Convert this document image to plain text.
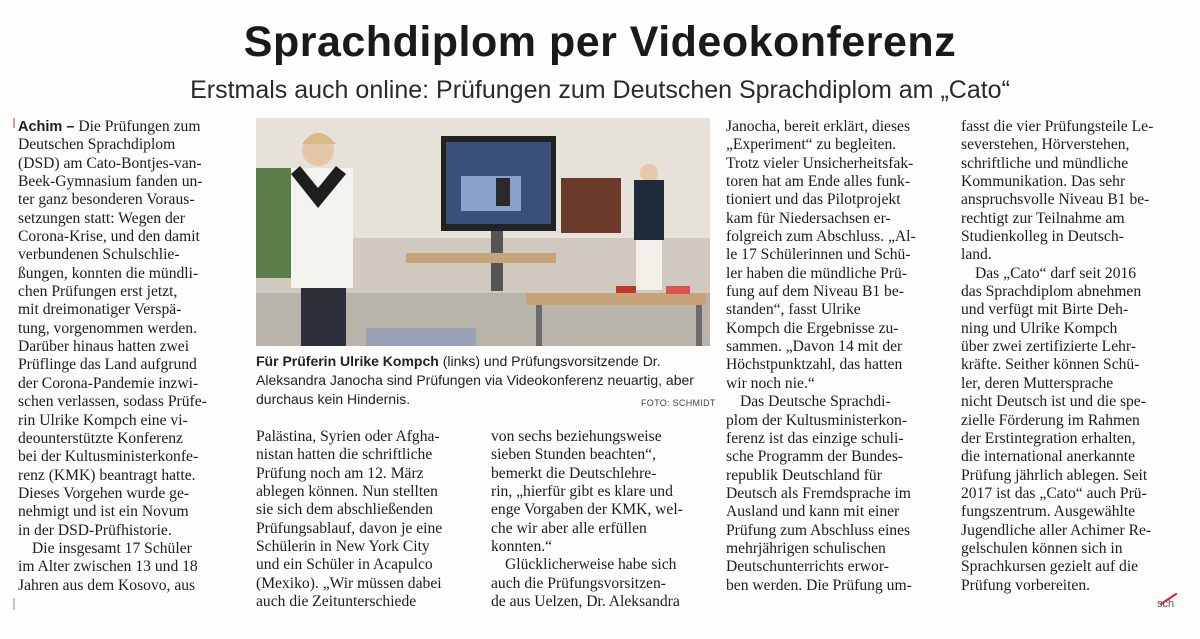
Sprachdiplom per Videokonferenz
Erstmals auch online: Prüfungen zum Deutschen Sprachdiplom am „Cato“
Achim – Die Prüfungen zum
Deutschen Sprachdiplom
(DSD) am Cato-Bontjes-van-
Beek-Gymnasium fanden un-
ter ganz besonderen Voraus-
setzungen statt: Wegen der
Corona-Krise, und den damit
verbundenen Schulschlie-
ßungen, konnten die mündli-
chen Prüfungen erst jetzt,
mit dreimonatiger Verspä-
tung, vorgenommen werden.
Darüber hinaus hatten zwei
Prüflinge das Land aufgrund
der Corona-Pandemie inzwi-
schen verlassen, sodass Prüfe-
rin Ulrike Kompch eine vi-
deounterstützte Konferenz
bei der Kultusministerkonfe-
renz (KMK) beantragt hatte.
Dieses Vorgehen wurde ge-
nehmigt und ist ein Novum
in der DSD-Prüfhistorie.

Die insgesamt 17 Schüler
im Alter zwischen 13 und 18
Jahren aus dem Kosovo, aus
Für Prüferin Ulrike Kompch (links) und Prüfungsvorsitzende Dr. Aleksandra Janocha sind Prüfungen via Videokonferenz neuartig, aber durchaus kein Hindernis.	FOTO: SCHMIDT
Palästina, Syrien oder Afgha-
nistan hatten die schriftliche
Prüfung noch am 12. März
ablegen können. Nun stellten
sie sich dem abschließenden
Prüfungsablauf, davon je eine
Schülerin in New York City
und ein Schüler in Acapulco
(Mexiko). „Wir müssen dabei
auch die Zeitunterschiede
von sechs beziehungsweise
sieben Stunden beachten“,
bemerkt die Deutschlehre-
rin, „hierfür gibt es klare und
enge Vorgaben der KMK, wel-
che wir aber alle erfüllen
konnten.“

Glücklicherweise habe sich
auch die Prüfungsvorsitzen-
de aus Uelzen, Dr. Aleksandra
Janocha, bereit erklärt, dieses
„Experiment“ zu begleiten.
Trotz vieler Unsicherheitsfak-
toren hat am Ende alles funk-
tioniert und das Pilotprojekt
kam für Niedersachsen er-
folgreich zum Abschluss. „Al-
le 17 Schülerinnen und Schü-
ler haben die mündliche Prü-
fung auf dem Niveau B1 be-
standen“, fasst Ulrike
Kompch die Ergebnisse zu-
sammen. „Davon 14 mit der
Höchstpunktzahl, das hatten
wir noch nie.“

Das Deutsche Sprachdi-
plom der Kultusministerkon-
ferenz ist das einzige schuli-
sche Programm der Bundes-
republik Deutschland für
Deutsch als Fremdsprache im
Ausland und kann mit einer
Prüfung zum Abschluss eines
mehrjährigen schulischen
Deutschunterrichts erwor-
ben werden. Die Prüfung um-
fasst die vier Prüfungsteile Le-
severstehen, Hörverstehen,
schriftliche und mündliche
Kommunikation. Das sehr
anspruchsvolle Niveau B1 be-
rechtigt zur Teilnahme am
Studienkolleg in Deutsch-
land.

Das „Cato“ darf seit 2016
das Sprachdiplom abnehmen
und verfügt mit Birte Deh-
ning und Ulrike Kompch
über zwei zertifizierte Lehr-
kräfte. Seither können Schü-
ler, deren Muttersprache
nicht Deutsch ist und die spe-
zielle Förderung im Rahmen
der Erstintegration erhalten,
die international anerkannte
Prüfung jährlich ablegen. Seit
2017 ist das „Cato“ auch Prü-
fungszentrum. Ausgewählte
Jugendliche aller Achimer Re-
gelschulen können sich in
Sprachkursen gezielt auf die
Prüfung vorbereiten.
sch
